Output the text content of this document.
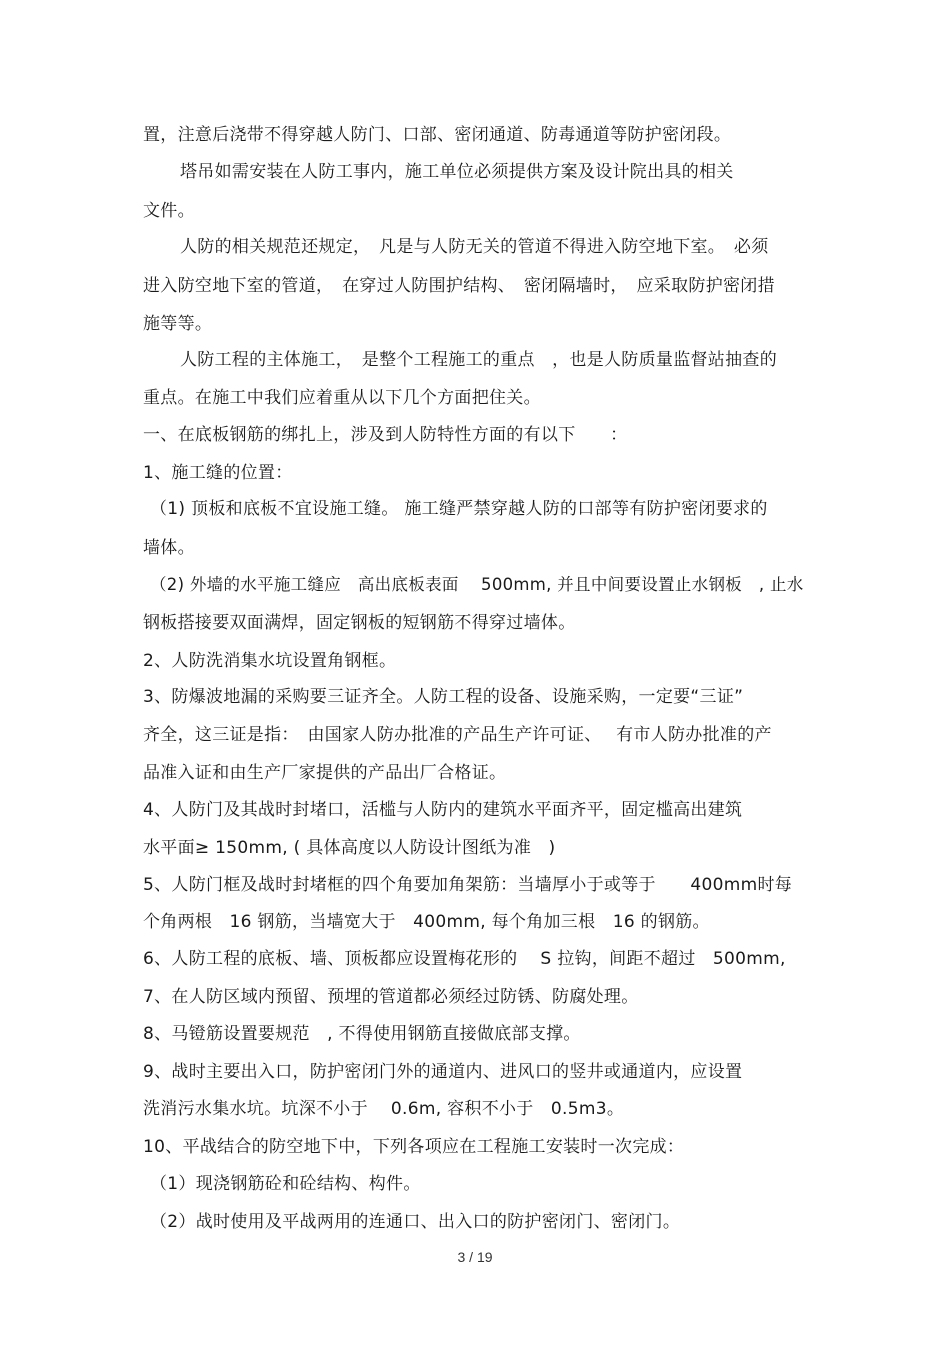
置，注意后浇带不得穿越人防门、口部、密闭通道、防毒通道等防护密闭段。
塔吊如需安装在人防工事内，施工单位必须提供方案及设计院出具的相关
文件。
人防的相关规范还规定，　凡是与人防无关的管道不得进入防空地下室。　必须
进入防空地下室的管道，　在穿过人防围护结构、　密闭隔墙时，　应采取防护密闭措
施等等。
人防工程的主体施工，　是整个工程施工的重点　，也是人防质量监督站抽查的
重点。在施工中我们应着重从以下几个方面把住关。
一、在底板钢筋的绑扎上，涉及到人防特性方面的有以下　　：
1、施工缝的位置：
（1) 顶板和底板不宜设施工缝。 施工缝严禁穿越人防的口部等有防护密闭要求的
墙体。
（2) 外墙的水平施工缝应　高出底板表面　 500mm, 并且中间要设置止水钢板　, 止水
钢板搭接要双面满焊，固定钢板的短钢筋不得穿过墙体。
2、人防洗消集水坑设置角钢框。
3、防爆波地漏的采购要三证齐全。人防工程的设备、设施采购，一定要“三证”
齐全，这三证是指：　由国家人防办批准的产品生产许可证、　 有市人防办批准的产
品准入证和由生产厂家提供的产品出厂合格证。
4、人防门及其战时封堵口，活槛与人防内的建筑水平面齐平，固定槛高出建筑
水平面≥ 150mm, ( 具体高度以人防设计图纸为准　)
5、人防门框及战时封堵框的四个角要加角架筋：当墙厚小于或等于　　400mm时每
个角两根　16 钢筋，当墙宽大于　400mm, 每个角加三根　16 的钢筋。
6、人防工程的底板、墙、顶板都应设置梅花形的　 S 拉钩，间距不超过　500mm,
7、在人防区域内预留、预埋的管道都必须经过防锈、防腐处理。
8、马镫筋设置要规范　, 不得使用钢筋直接做底部支撑。
9、战时主要出入口，防护密闭门外的通道内、进风口的竖井或通道内，应设置
洗消污水集水坑。坑深不小于　 0.6m, 容积不小于　0.5m3。
10、平战结合的防空地下中，下列各项应在工程施工安装时一次完成：
（1）现浇钢筋砼和砼结构、构件。
（2）战时使用及平战两用的连通口、出入口的防护密闭门、密闭门。
3 / 19
